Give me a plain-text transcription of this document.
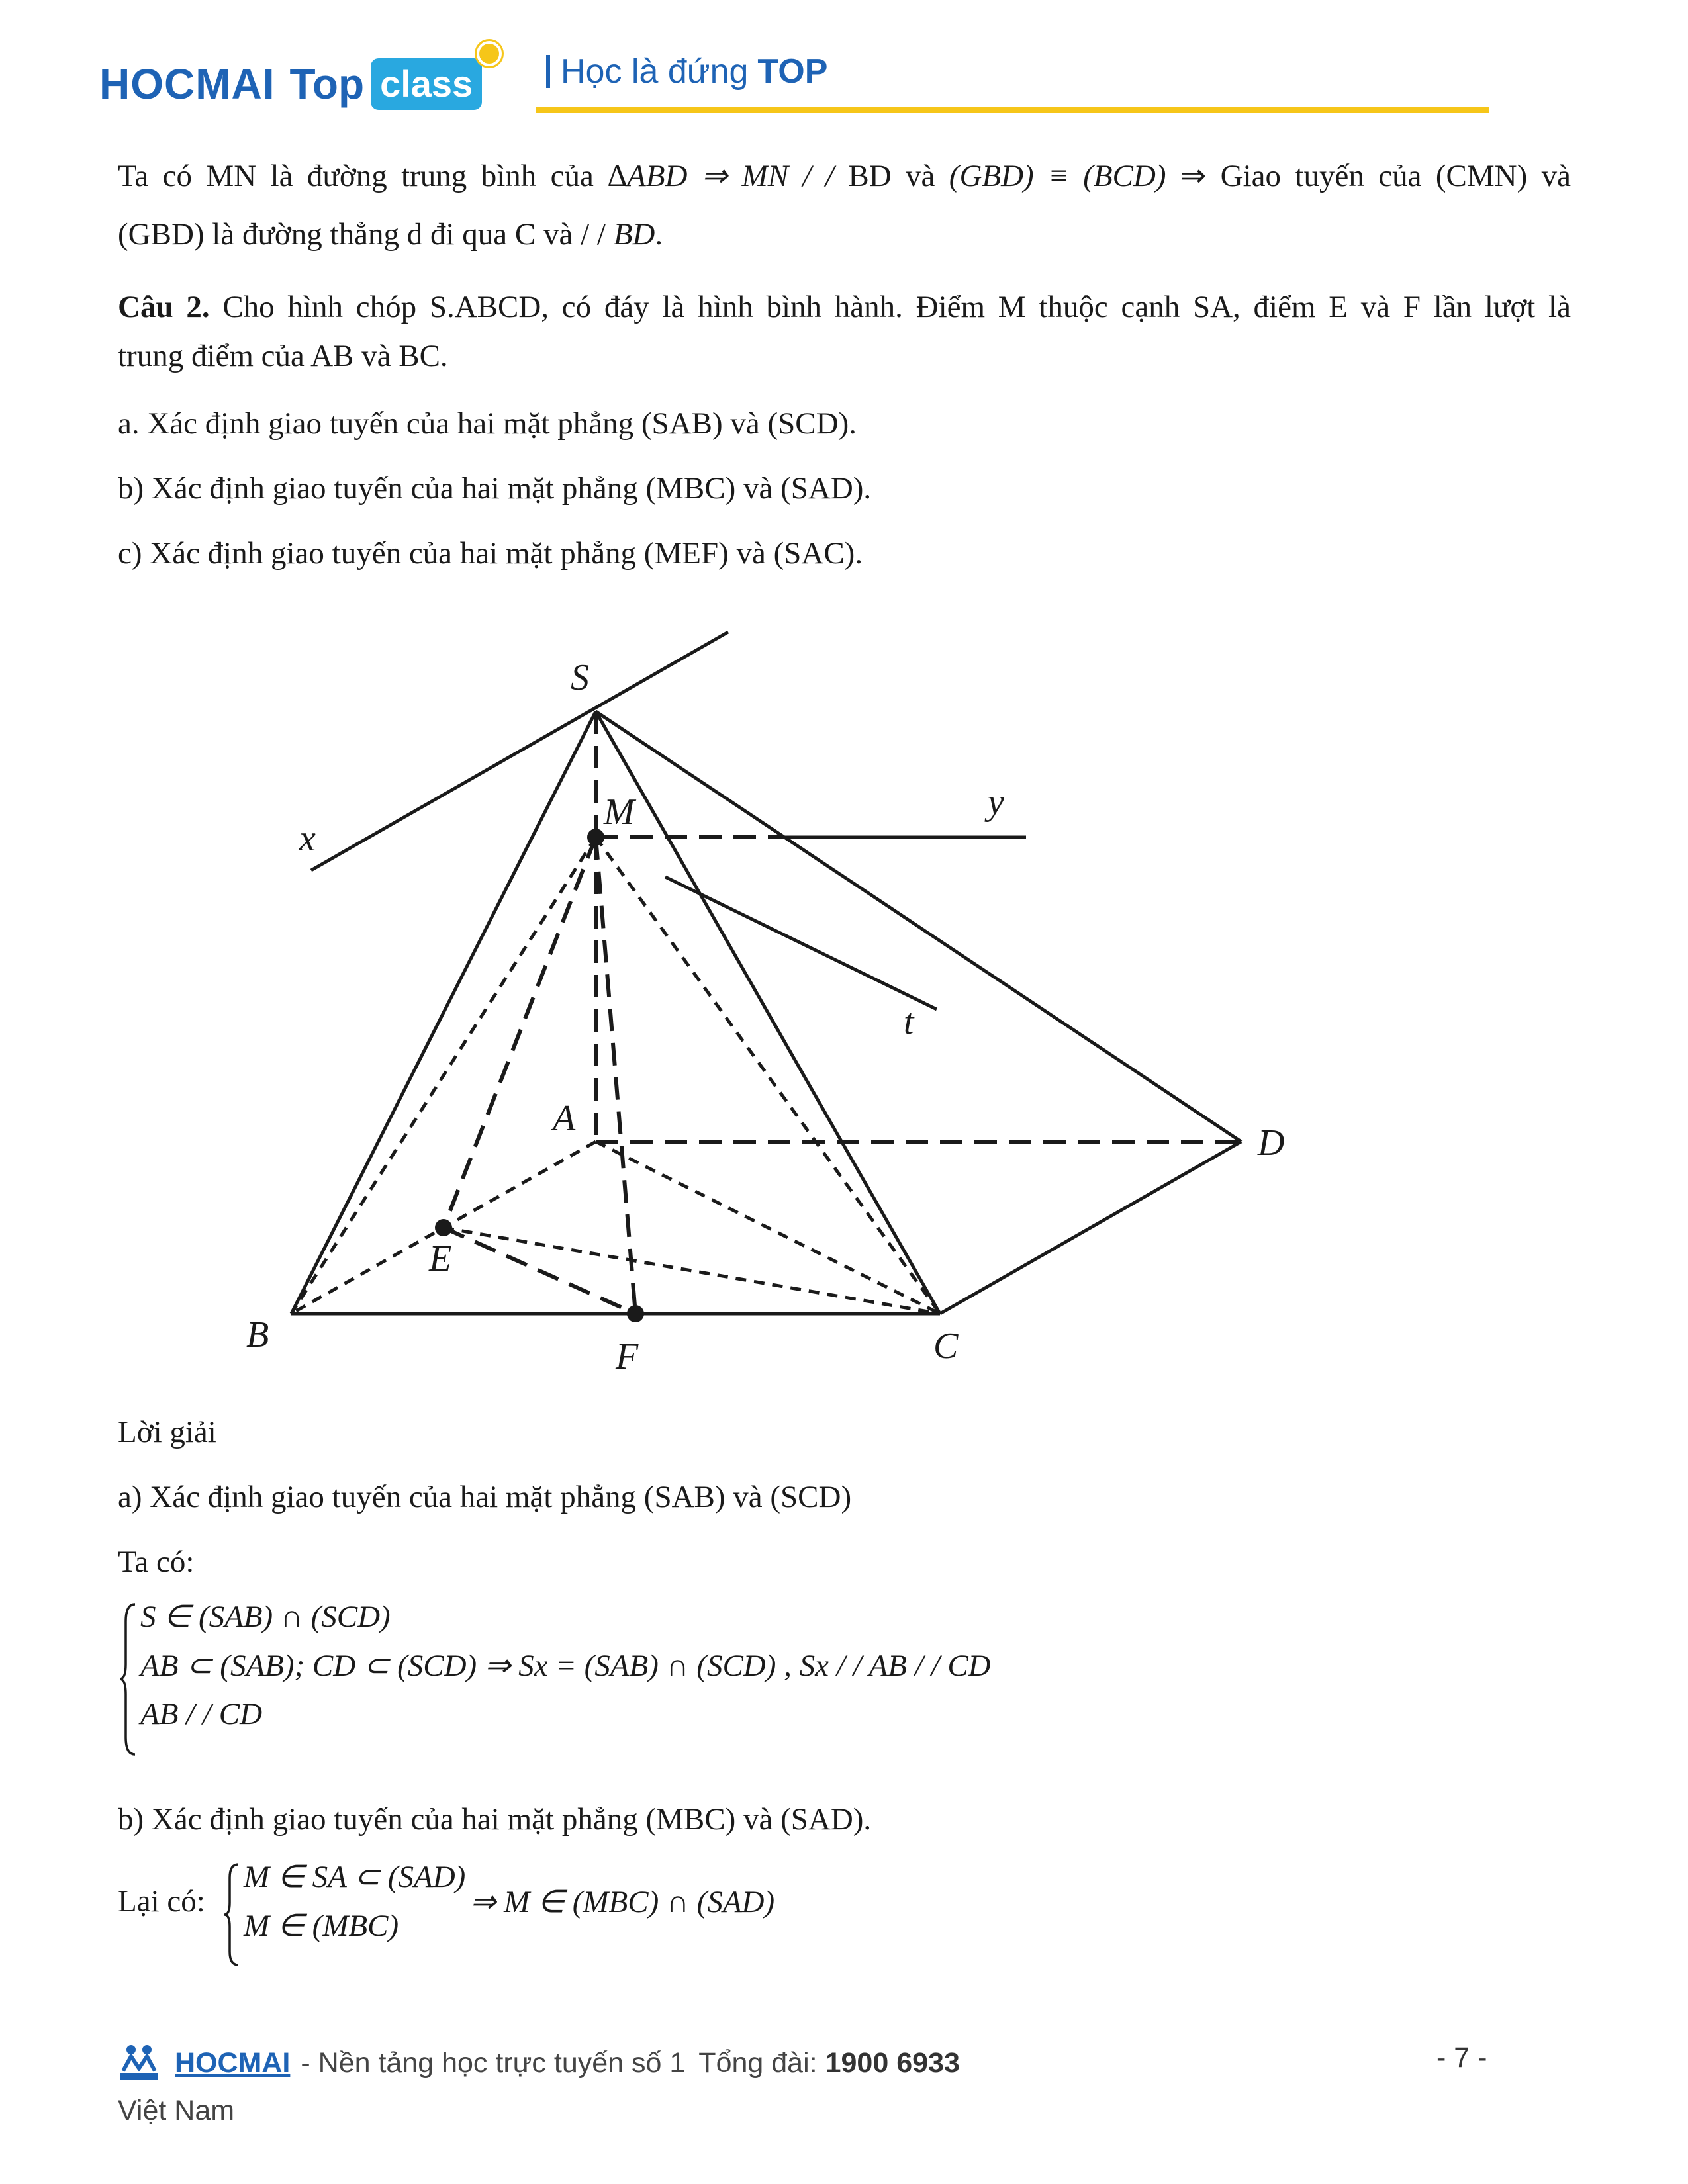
HOCMAI Top class	Học là đứng TOP

Ta có MN là đường trung bình của ∆ABD ⇒ MN / / BD và (GBD) ≡ (BCD) ⇒ Giao tuyến của (CMN) và

(GBD) là đường thẳng d đi qua C và / / BD.

Câu 2. Cho hình chóp S.ABCD, có đáy là hình bình hành. Điểm M thuộc cạnh SA, điểm E và F lần lượt là

trung điểm của AB và BC.

a. Xác định giao tuyến của hai mặt phẳng (SAB) và (SCD).

b) Xác định giao tuyến của hai mặt phẳng (MBC) và (SAD).

c) Xác định giao tuyến của hai mặt phẳng (MEF) và (SAC).

S
M
x
y
t
A
D
E
B
F	C

Lời giải

a) Xác định giao tuyến của hai mặt phẳng (SAB) và (SCD)

Ta có:

S ∈ (SAB) ∩ (SCD)
AB ⊂ (SAB); CD ⊂ (SCD) ⇒ Sx = (SAB) ∩ (SCD) , Sx / / AB / / CD
AB / / CD

b) Xác định giao tuyến của hai mặt phẳng (MBC) và (SAD).

Lại có:
M ∈ SA ⊂ (SAD)
M ∈ (MBC)
⇒ M ∈ (MBC) ∩ (SAD)
HOCMAI - Nền tảng học trực tuyến số 1 Tổng đài: 1900 6933	- 7 -
Việt Nam
